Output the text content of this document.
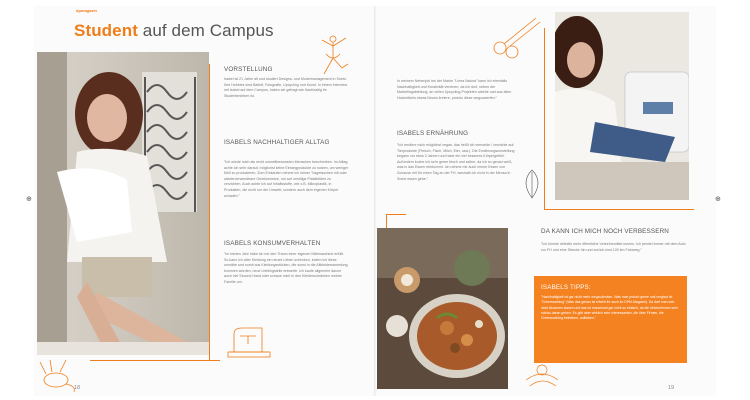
dpmagazin
Student auf dem Campus
VORSTELLUNG
Isabel ist 21 Jahre alt und studiert Designs- und Modelmanagement in Soest. Ihre Hobbies sind Ballett, Fotografie, Upcycling und Kunst. In einem Interview mit Isabel auf dem Campus, haben wir gefragt wie Nachhaltig ihr Studentenleben ist.
ISABELS NACHHALTIGER ALLTAG
"Ich würde mich als recht umweltbewussten Menschen beschreiben. Im Alltag achte ich sehr darauf, möglichst keine Einwegprodukte zu nutzen, um weniger Müll zu produzieren. Zum Einkaufen nehme ich immer Tragetaschen mit oder wiederverwendbare Gemüsenetze, um auf unnötige Plastiktüten zu verzichten. Auch achte ich auf Inhaltsstoffe, wie z.B. Mikroplastik, in Produkten, die nicht nur der Umwelt, sondern auch dem eigenen Körper schaden."
ISABELS KONSUMVERHALTEN
"Im letzten Jahr habe ich mir den Traum einer eigenen Nähmaschine erfüllt. So kann ich alter Kleidung ein neues Leben schenken, indem ich diese umnähe und somit aus Kleidungsstücken, die sonst in die Altkleidersammlung kommen würden, neue Lieblingsteile entwerfe. Ich kaufe allgemein davon auch viel Second Hand oder schaue mich in den Kleiderschränken meiner Familie um.
In meinem Nebenjob bei der Marke "Linea Natura" kann ich ebenfalls Nachhaltigkeit und Kreativität vereinen, da ich dort, neben der Marketingabteilung, an vielen Upcycling-Projekten arbeite und aus alten Holzmöbeln etwas Neues kreiere, prototo diese wegzuwerfen."
ISABELS ERNÄHRUNG
"Ich ernähre mich möglichst vegan, das heißt ich vermeide / verzichte auf Tierprodukte (Fleisch, Fisch, Milch, Eier, usw.). Die Ernährungsumstellung begann vor etwa 3 Jahren und habe ein viel besseres Körpergefühl. Außerdem koche ich sehr gerne frisch und selber, da ich so genau weiß, was in das Essen reinkommt. Ich nehme mir auch immer Essen von Zuhause mit für einen Tag an der FH, weshalb ich nicht in der Mensa in Soest essen gehe."
DA KANN ICH MICH NOCH VERBESSERN
"Ich könnte definitiv mehr öffentliche Verkehrsmittel nutzen. Ich pendel immer mit dem Auto zur FH und eine Strecke hin und zurück sind 100 km Fahrweg."
ISABELS TIPPS:
"Nachhaltigkeit ist gar nicht mehr wegzudenken. Was man jedoch gerne mal vergisst ist "Greenwashing" (Was das genau ist erfahrt ihr auch im DPM-Magazin). Da darf man sich nicht täuschen lassen und das ist manchmal gar nicht so einfach, da die Unternehmen sehr schlau daran gehen. Es gibt aber wirklich sehr interessanten, die über Firmen, die Greenwashing betreiben, aufklären."
18	19
⊕	⊕
